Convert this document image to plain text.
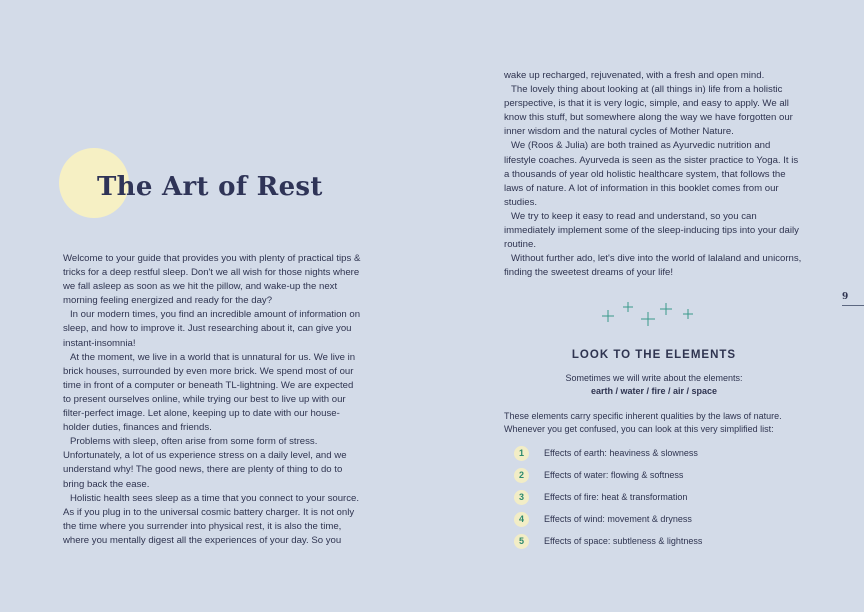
The Art of Rest

Welcome to your guide that provides you with plenty of practical tips & tricks for a deep restful sleep. Don't we all wish for those nights where we fall asleep as soon as we hit the pillow, and wake-up the next morning feeling energized and ready for the day?

In our modern times, you find an incredible amount of information on sleep, and how to improve it. Just researching about it, can give you instant-insomnia!

At the moment, we live in a world that is unnatural for us. We live in brick houses, surrounded by even more brick. We spend most of our time in front of a computer or beneath TL-lightning. We are expected to present ourselves online, while trying our best to live up with our filter-perfect image. Let alone, keeping up to date with our house-holder duties, finances and friends.

Problems with sleep, often arise from some form of stress. Unfortunately, a lot of us experience stress on a daily level, and we understand why! The good news, there are plenty of thing to do to bring back the ease.

Holistic health sees sleep as a time that you connect to your source. As if you plug in to the universal cosmic battery charger. It is not only the time where you surrender into physical rest, it is also the time, where you mentally digest all the experiences of your day. So you

wake up recharged, rejuvenated, with a fresh and open mind.

The lovely thing about looking at (all things in) life from a holistic perspective, is that it is very logic, simple, and easy to apply. We all know this stuff, but somewhere along the way we have forgotten our inner wisdom and the natural cycles of Mother Nature.

We (Roos & Julia) are both trained as Ayurvedic nutrition and lifestyle coaches. Ayurveda is seen as the sister practice to Yoga. It is a thousands of year old holistic healthcare system, that follows the laws of nature. A lot of information in this booklet comes from our studies.

We try to keep it easy to read and understand, so you can immediately implement some of the sleep-inducing tips into your daily routine.

Without further ado, let's dive into the world of lalaland and unicorns, finding the sweetest dreams of your life!

9
LOOK TO THE ELEMENTS
Sometimes we will write about the elements:
earth / water / fire / air / space

These elements carry specific inherent qualities by the laws of nature. Whenever you get confused, you can look at this very simplified list:

1	Effects of earth: heaviness & slowness
2	Effects of water: flowing & softness
3	Effects of fire: heat & transformation
4	Effects of wind: movement & dryness
5	Effects of space: subtleness & lightness
